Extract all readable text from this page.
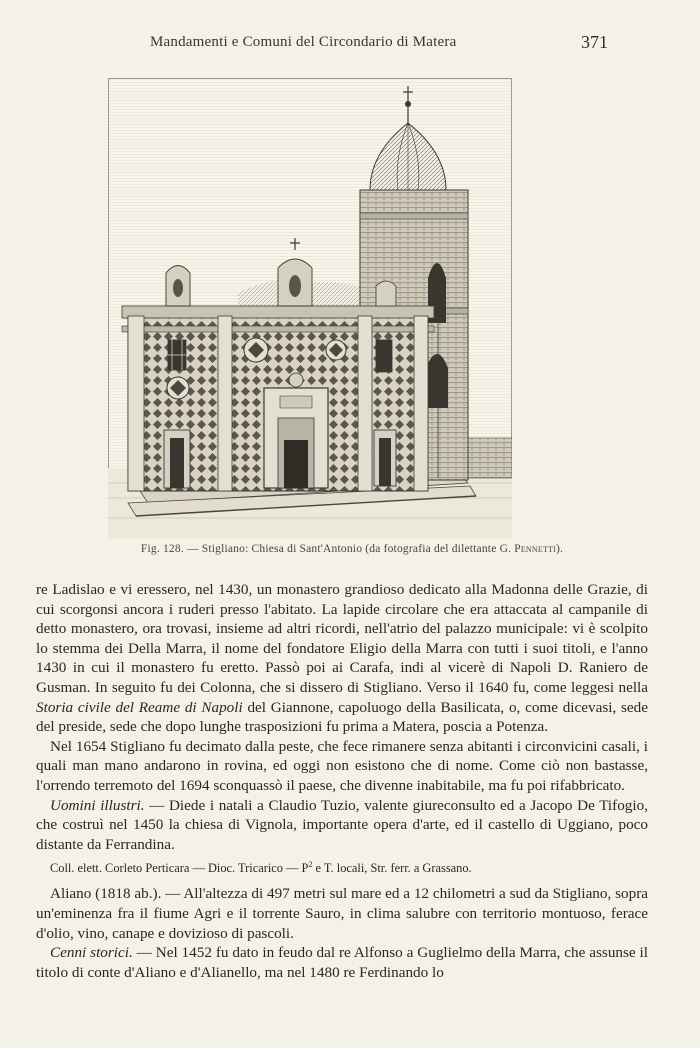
Mandamenti e Comuni del Circondario di Matera	371
Fig. 128. — Stigliano: Chiesa di Sant'Antonio (da fotografia del dilettante G. Pennetti).

re Ladislao e vi eressero, nel 1430, un monastero grandioso dedicato alla Madonna delle Grazie, di cui scorgonsi ancora i ruderi presso l'abitato. La lapide circolare che era attaccata al campanile di detto monastero, ora trovasi, insieme ad altri ricordi, nell'atrio del palazzo municipale: vi è scolpito lo stemma dei Della Marra, il nome del fondatore Eligio della Marra con tutti i suoi titoli, e l'anno 1430 in cui il monastero fu eretto. Passò poi ai Carafa, indi al vicerè di Napoli D. Raniero de Gusman. In seguito fu dei Colonna, che si dissero di Stigliano. Verso il 1640 fu, come leggesi nella Storia civile del Reame di Napoli del Giannone, capoluogo della Basilicata, o, come dicevasi, sede del preside, sede che dopo lunghe trasposizioni fu prima a Matera, poscia a Potenza.

Nel 1654 Stigliano fu decimato dalla peste, che fece rimanere senza abitanti i circonvicini casali, i quali man mano andarono in rovina, ed oggi non esistono che di nome. Come ciò non bastasse, l'orrendo terremoto del 1694 sconquassò il paese, che divenne inabitabile, ma fu poi rifabbricato.

Uomini illustri. — Diede i natali a Claudio Tuzio, valente giureconsulto ed a Jacopo De Tifogio, che costruì nel 1450 la chiesa di Vignola, importante opera d'arte, ed il castello di Uggiano, poco distante da Ferrandina.

Coll. elett. Corleto Perticara — Dioc. Tricarico — $P^2$ e T. locali, Str. ferr. a Grassano.

Aliano (1818 ab.). — All'altezza di 497 metri sul mare ed a 12 chilometri a sud da Stigliano, sopra un'eminenza fra il fiume Agri e il torrente Sauro, in clima salubre con territorio montuoso, ferace d'olio, vino, canape e dovizioso di pascoli.

Cenni storici. — Nel 1452 fu dato in feudo dal re Alfonso a Guglielmo della Marra, che assunse il titolo di conte d'Aliano e d'Alianello, ma nel 1480 re Ferdinando lo
